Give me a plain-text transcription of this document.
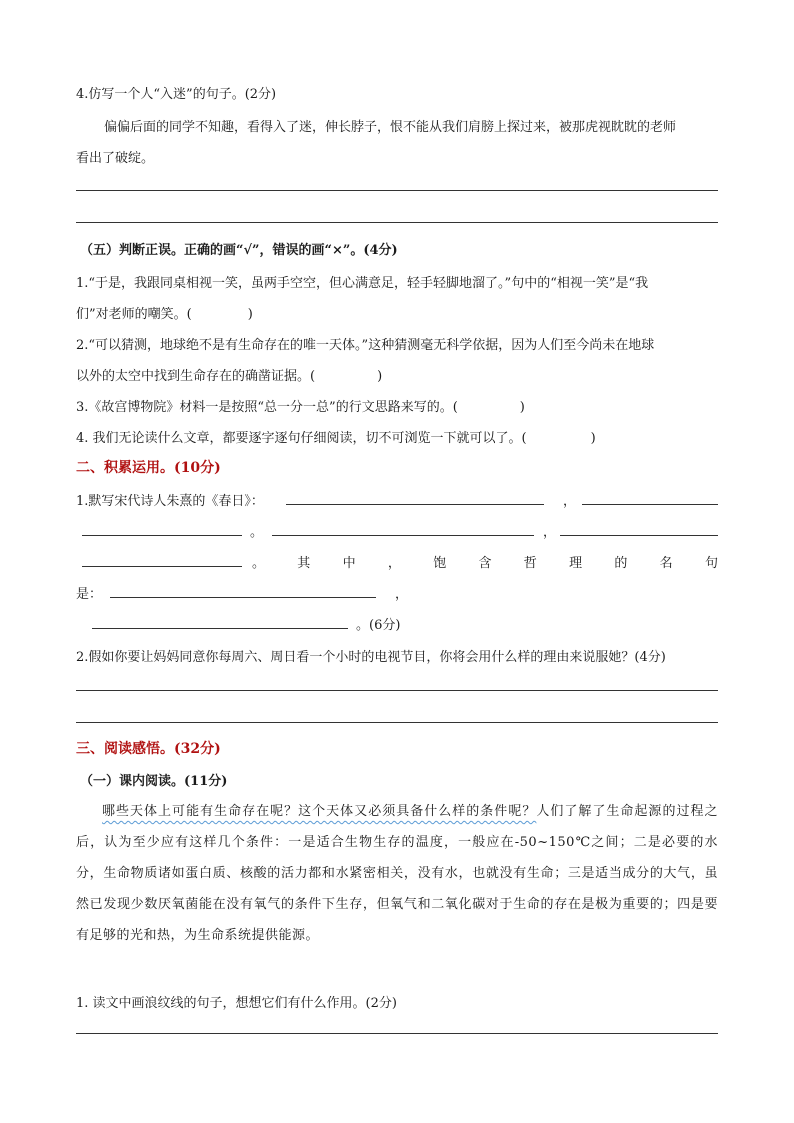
4.仿写一个人“入迷”的句子。(2分)
偏偏后面的同学不知趣，看得入了迷，伸长脖子，恨不能从我们肩膀上探过来，被那虎视眈眈的老师
看出了破绽。
（五）判断正误。正确的画“√”，错误的画“×”。(4分)
1.“于是，我跟同桌相视一笑，虽两手空空，但心满意足，轻手轻脚地溜了。”句中的“相视一笑”是“我
们”对老师的嘲笑。(	)
2.“可以猜测，地球绝不是有生命存在的唯一天体。”这种猜测毫无科学依据，因为人们至今尚未在地球
以外的太空中找到生命存在的确凿证据。(	)
3.《故宫博物院》材料一是按照“总一分一总”的行文思路来写的。(	)
4. 我们无论读什么文章，都要逐字逐句仔细阅读，切不可浏览一下就可以了。(	)
二、积累运用。(10分)
1.默写宋代诗人朱熹的《春日》：	，
。	，
。 其 中 ， 饱 含 哲 理 的 名 句
是：	，
。(6分)
2.假如你要让妈妈同意你每周六、周日看一个小时的电视节目，你将会用什么样的理由来说服她？(4分)
三、阅读感悟。(32分)
（一）课内阅读。(11分)
哪些天体上可能有生命存在呢？这个天体又必须具备什么样的条件呢？人们了解了生命起源的过程之后，认为至少应有这样几个条件：一是适合生物生存的温度，一般应在-50~150℃之间；二是必要的水分，生命物质诸如蛋白质、核酸的活力都和水紧密相关，没有水，也就没有生命；三是适当成分的大气，虽然已发现少数厌氧菌能在没有氧气的条件下生存，但氧气和二氧化碳对于生命的存在是极为重要的；四是要有足够的光和热，为生命系统提供能源。
1. 读文中画浪纹线的句子，想想它们有什么作用。(2分)
